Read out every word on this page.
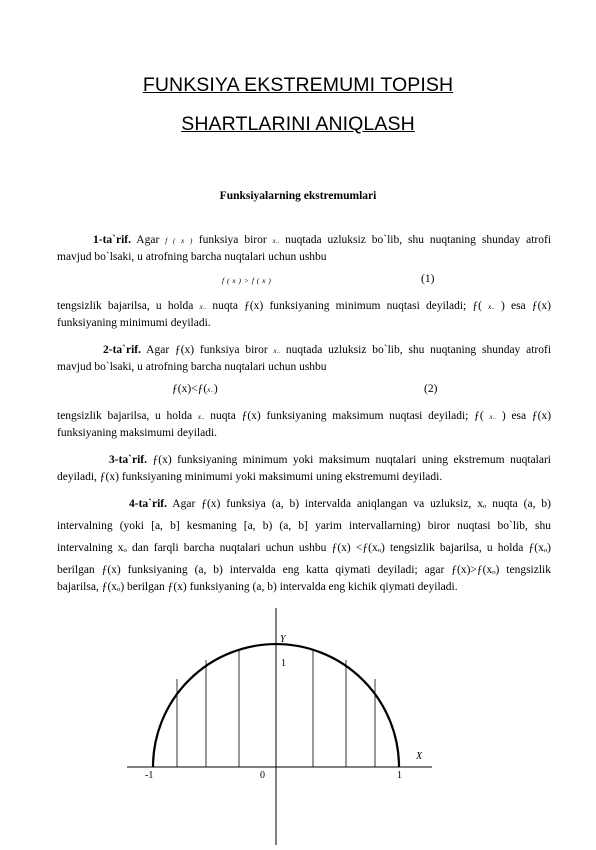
FUNKSIYA EKSTREMUMI TOPISH
SHARTLARINI ANIQLASH
Funksiyalarning ekstremumlari
1-ta`rif. Agar f ( x ) funksiya biror x.. nuqtada uzluksiz bo`lib, shu nuqtaning shunday atrofi
mavjud bo`lsaki, u atrofning barcha nuqtalari uchun ushbu
f ( x ) > f ( x )	(1)
tengsizlik bajarilsa, u holda x.. nuqta ƒ(x) funksiyaning minimum nuqtasi deyiladi; ƒ( x.. ) esa ƒ(x)
funksiyaning minimumi deyiladi.
2-ta`rif. Agar ƒ(x) funksiya biror x.. nuqtada uzluksiz bo`lib, shu nuqtaning shunday atrofi
mavjud bo`lsaki, u atrofning barcha nuqtalari uchun ushbu
ƒ(x)<ƒ(x..)	(2)
tengsizlik bajarilsa, u holda x.. nuqta ƒ(x) funksiyaning maksimum nuqtasi deyiladi; ƒ( x.. ) esa ƒ(x)
funksiyaning maksimumi deyiladi.
3-ta`rif. ƒ(x) funksiyaning minimum yoki maksimum nuqtalari uning ekstremum nuqtalari
deyiladi, ƒ(x) funksiyaning minimumi yoki maksimumi uning ekstremumi deyiladi.
4-ta`rif. Agar ƒ(x) funksiya (a, b) intervalda aniqlangan va uzluksiz, xₒ nuqta (a, b)
intervalning (yoki [a, b] kesmaning [a, b) (a, b] yarim intervallarning) biror nuqtasi bo`lib, shu
intervalning xₒ dan farqli barcha nuqtalari uchun ushbu ƒ(x) <ƒ(xₒ) tengsizlik bajarilsa, u holda ƒ(xₒ)
berilgan ƒ(x) funksiyaning (a, b) intervalda eng katta qiymati deyiladi; agar ƒ(x)>ƒ(xₒ) tengsizlik
bajarilsa, ƒ(xₒ) berilgan ƒ(x) funksiyaning (a, b) intervalda eng kichik qiymati deyiladi.
Y
1
X
-1	0	1
